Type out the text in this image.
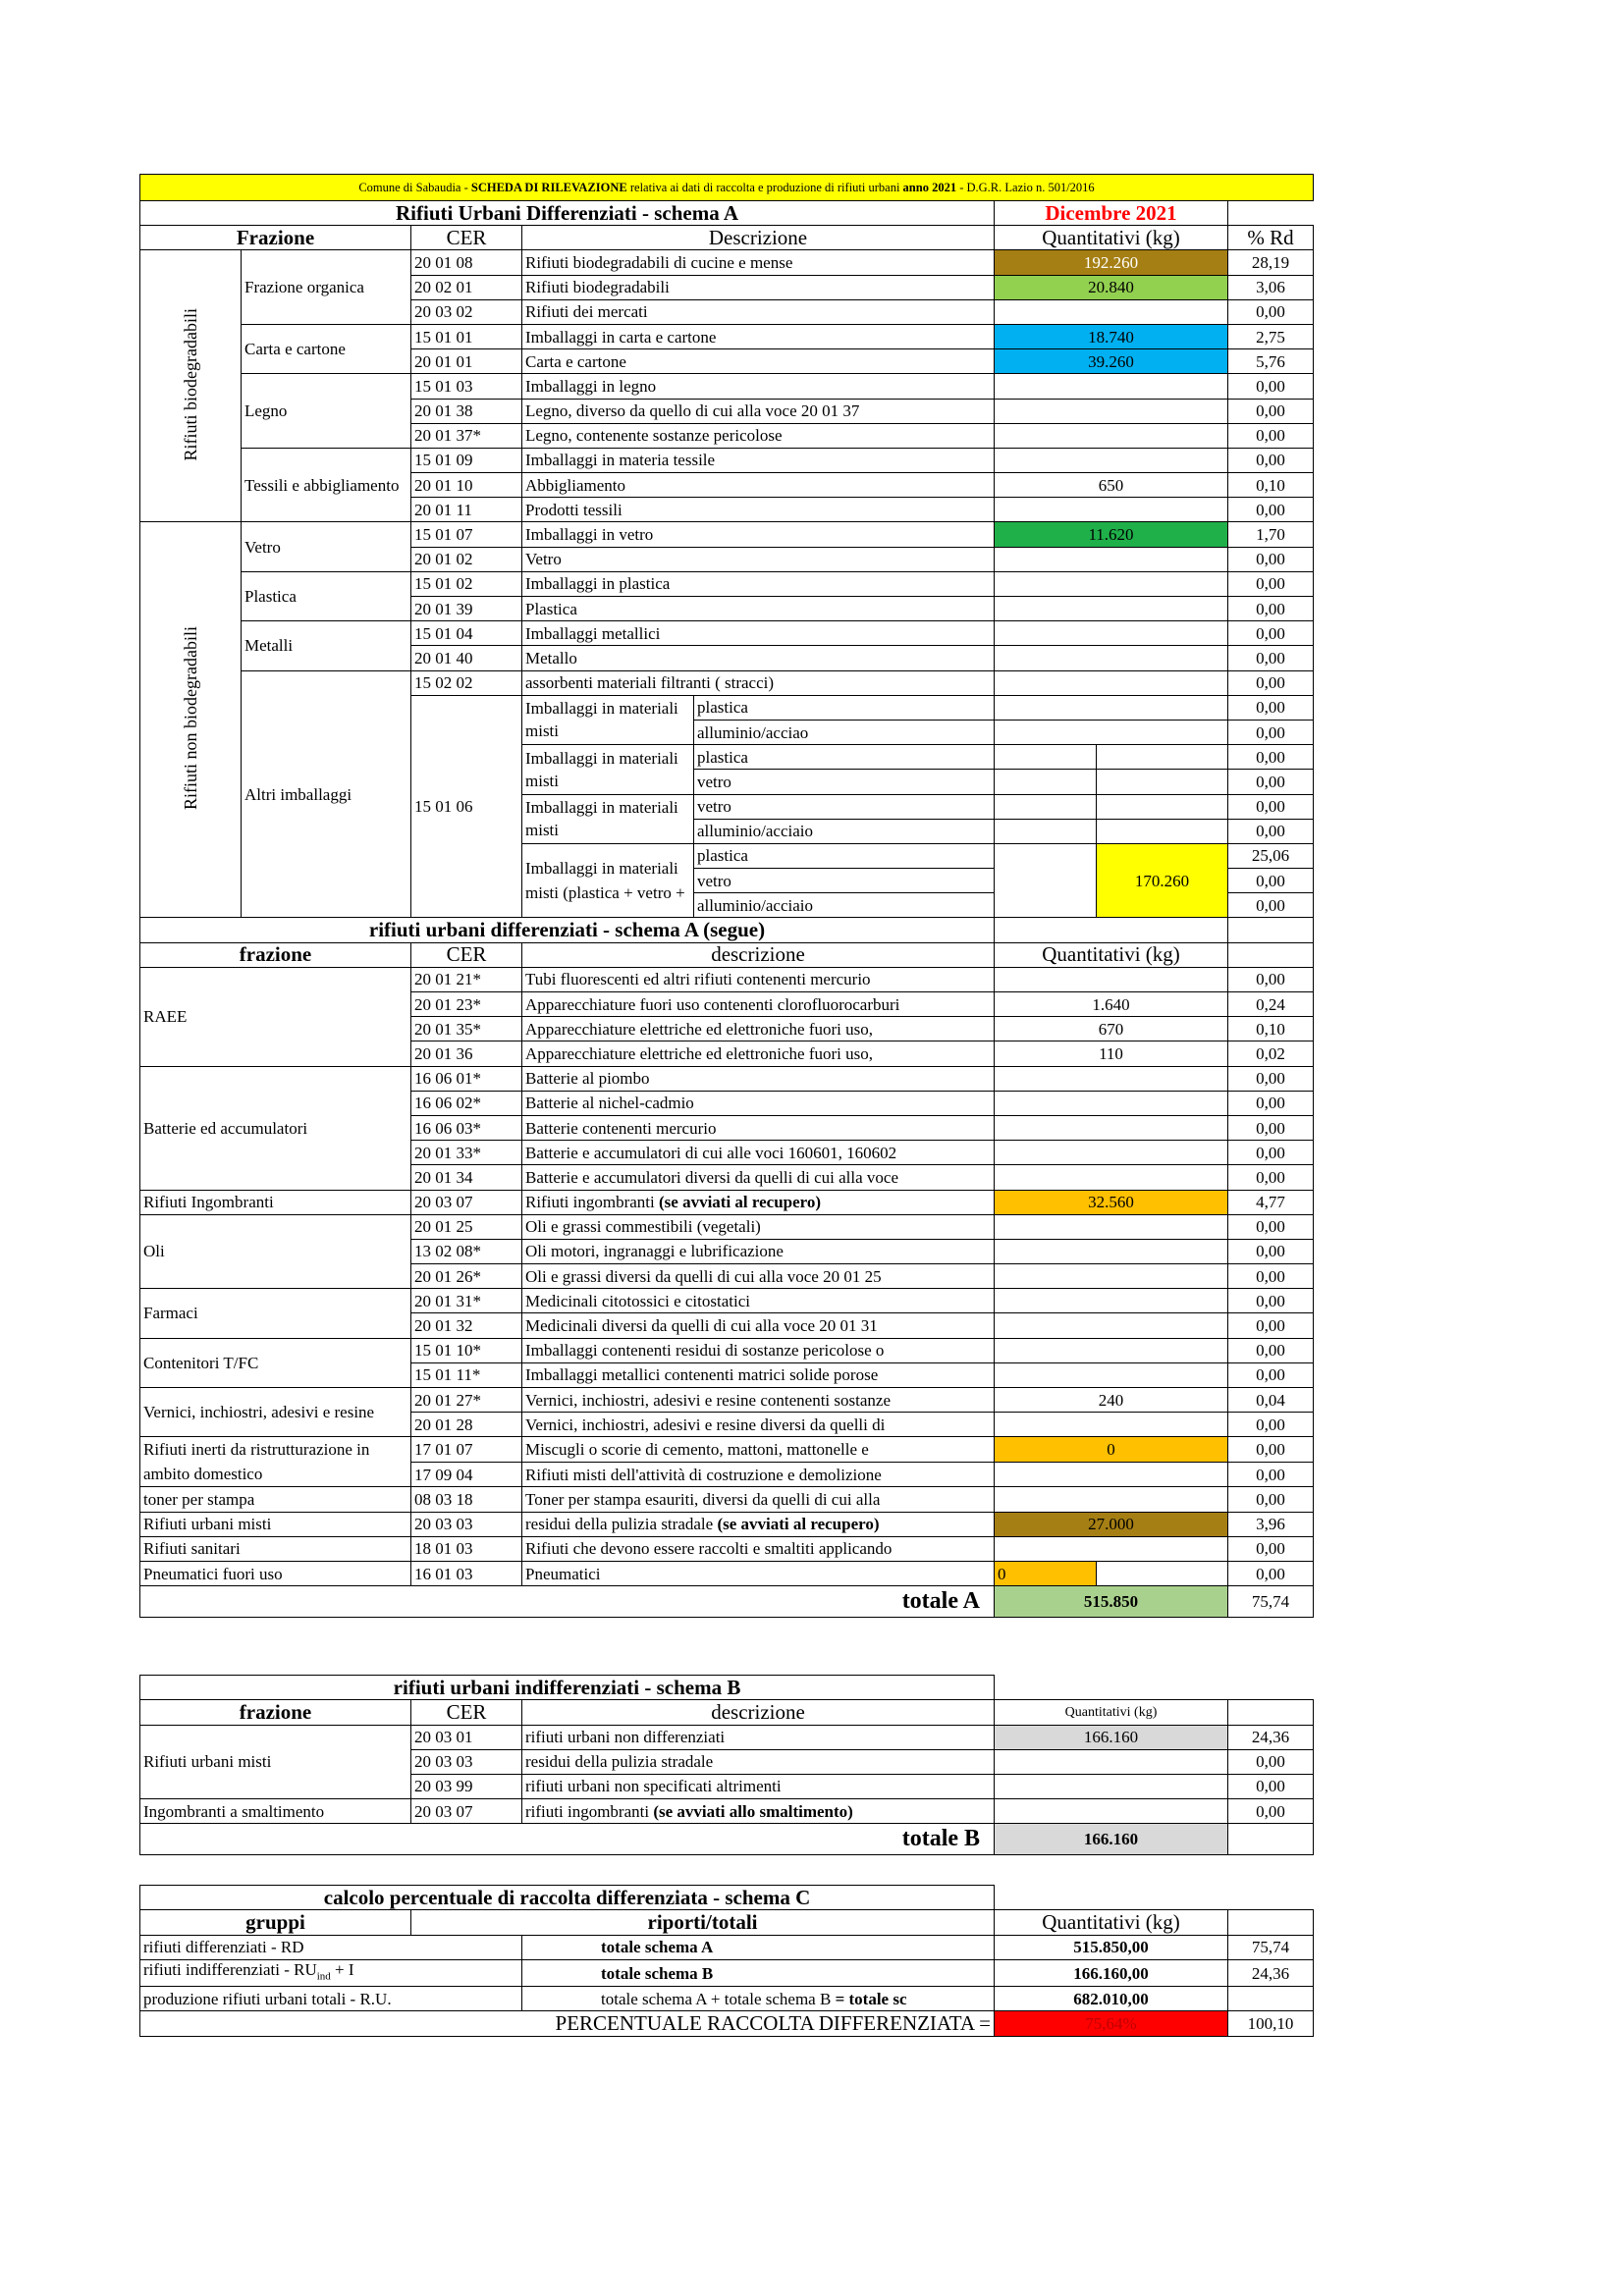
Comune di Sabaudia - SCHEDA DI RILEVAZIONE relativa ai dati di raccolta e produzione di rifiuti urbani anno 2021 - D.G.R. Lazio n. 501/2016							
Rifiuti Urbani Differenziati - schema A					Dicembre 2021		
Frazione		CER	Descrizione		Quantitativi (kg)		% Rd
Rifiuti biodegradabili	Frazione organica	20 01 08	Rifiuti biodegradabili di cucine e mense		192.260		28,19
		20 02 01	Rifiuti biodegradabili		20.840		3,06
		20 03 02	Rifiuti dei mercati				0,00
	Carta e cartone	15 01 01	Imballaggi in carta e cartone		18.740		2,75
		20 01 01	Carta e cartone		39.260		5,76
	Legno	15 01 03	Imballaggi in legno				0,00
		20 01 38	Legno, diverso da quello di cui alla voce 20 01 37				0,00
		20 01 37*	Legno, contenente sostanze pericolose				0,00
	Tessili e abbigliamento	15 01 09	Imballaggi in materia tessile				0,00
		20 01 10	Abbigliamento		650		0,10
		20 01 11	Prodotti tessili				0,00
Rifiuti non biodegradabili	Vetro	15 01 07	Imballaggi in vetro		11.620		1,70
		20 01 02	Vetro				0,00
	Plastica	15 01 02	Imballaggi in plastica				0,00
		20 01 39	Plastica				0,00
	Metalli	15 01 04	Imballaggi metallici				0,00
		20 01 40	Metallo				0,00
	Altri imballaggi	15 02 02	assorbenti materiali filtranti ( stracci)				0,00
		15 01 06	Imballaggi in materiali misti	plastica			0,00
				alluminio/acciao			0,00
			Imballaggi in materiali misti	plastica			0,00
				vetro			0,00
			Imballaggi in materiali misti	vetro			0,00
				alluminio/acciaio			0,00
			Imballaggi in materiali misti (plastica + vetro +	plastica		170.260	25,06
				vetro			0,00
				alluminio/acciaio			0,00
rifiuti urbani differenziati - schema A (segue)							
frazione		CER	descrizione		Quantitativi (kg)		
RAEE		20 01 21*	Tubi fluorescenti ed altri rifiuti contenenti mercurio				0,00
		20 01 23*	Apparecchiature fuori uso contenenti clorofluorocarburi		1.640		0,24
		20 01 35*	Apparecchiature elettriche ed elettroniche fuori uso,		670		0,10
		20 01 36	Apparecchiature elettriche ed elettroniche fuori uso,		110		0,02
Batterie ed accumulatori		16 06 01*	Batterie al piombo				0,00
		16 06 02*	Batterie al nichel-cadmio				0,00
		16 06 03*	Batterie contenenti mercurio				0,00
		20 01 33*	Batterie e accumulatori di cui alle voci 160601, 160602				0,00
		20 01 34	Batterie e accumulatori diversi da quelli di cui alla voce				0,00
Rifiuti Ingombranti		20 03 07	Rifiuti ingombranti (se avviati al recupero)		32.560		4,77
Oli		20 01 25	Oli e grassi commestibili (vegetali)				0,00
		13 02 08*	Oli motori, ingranaggi e lubrificazione				0,00
		20 01 26*	Oli e grassi diversi da quelli di cui alla voce 20 01 25				0,00
Farmaci		20 01 31*	Medicinali citotossici e citostatici				0,00
		20 01 32	Medicinali diversi da quelli di cui alla voce 20 01 31				0,00
Contenitori T/FC		15 01 10*	Imballaggi contenenti residui di sostanze pericolose o				0,00
		15 01 11*	Imballaggi metallici contenenti matrici solide porose				0,00
Vernici, inchiostri, adesivi e resine		20 01 27*	Vernici, inchiostri, adesivi e resine contenenti sostanze		240		0,04
		20 01 28	Vernici, inchiostri, adesivi e resine diversi da quelli di				0,00
Rifiuti inerti da ristrutturazione in ambito domestico		17 01 07	Miscugli o scorie di cemento, mattoni, mattonelle e		0		0,00
		17 09 04	Rifiuti misti dell'attività di costruzione e demolizione				0,00
toner per stampa		08 03 18	Toner per stampa esauriti, diversi da quelli di cui alla				0,00
Rifiuti urbani misti		20 03 03	residui della pulizia stradale (se avviati al recupero)		27.000		3,96
Rifiuti sanitari		18 01 03	Rifiuti che devono essere raccolti e smaltiti applicando				0,00
Pneumatici fuori uso		16 01 03	Pneumatici		0		0,00
totale A					515.850		75,74
rifiuti urbani indifferenziati - schema B				
frazione	CER	descrizione	Quantitativi (kg)	
Rifiuti urbani misti	20 03 01	rifiuti urbani non differenziati	166.160	24,36
	20 03 03	residui della pulizia stradale		0,00
	20 03 99	rifiuti urbani non specificati altrimenti		0,00
Ingombranti a smaltimento	20 03 07	rifiuti ingombranti (se avviati allo smaltimento)		0,00
totale B			166.160	
calcolo percentuale di raccolta differenziata - schema C				
gruppi	riporti/totali		Quantitativi (kg)	
rifiuti differenziati - RD		totale schema A	515.850,00	75,74
rifiuti indifferenziati - $RU_{ind} + I$		totale schema B	166.160,00	24,36
produzione rifiuti urbani totali - R.U.		totale schema A + totale schema B = totale sc	682.010,00	
PERCENTUALE RACCOLTA DIFFERENZIATA =			75,64%	100,10
